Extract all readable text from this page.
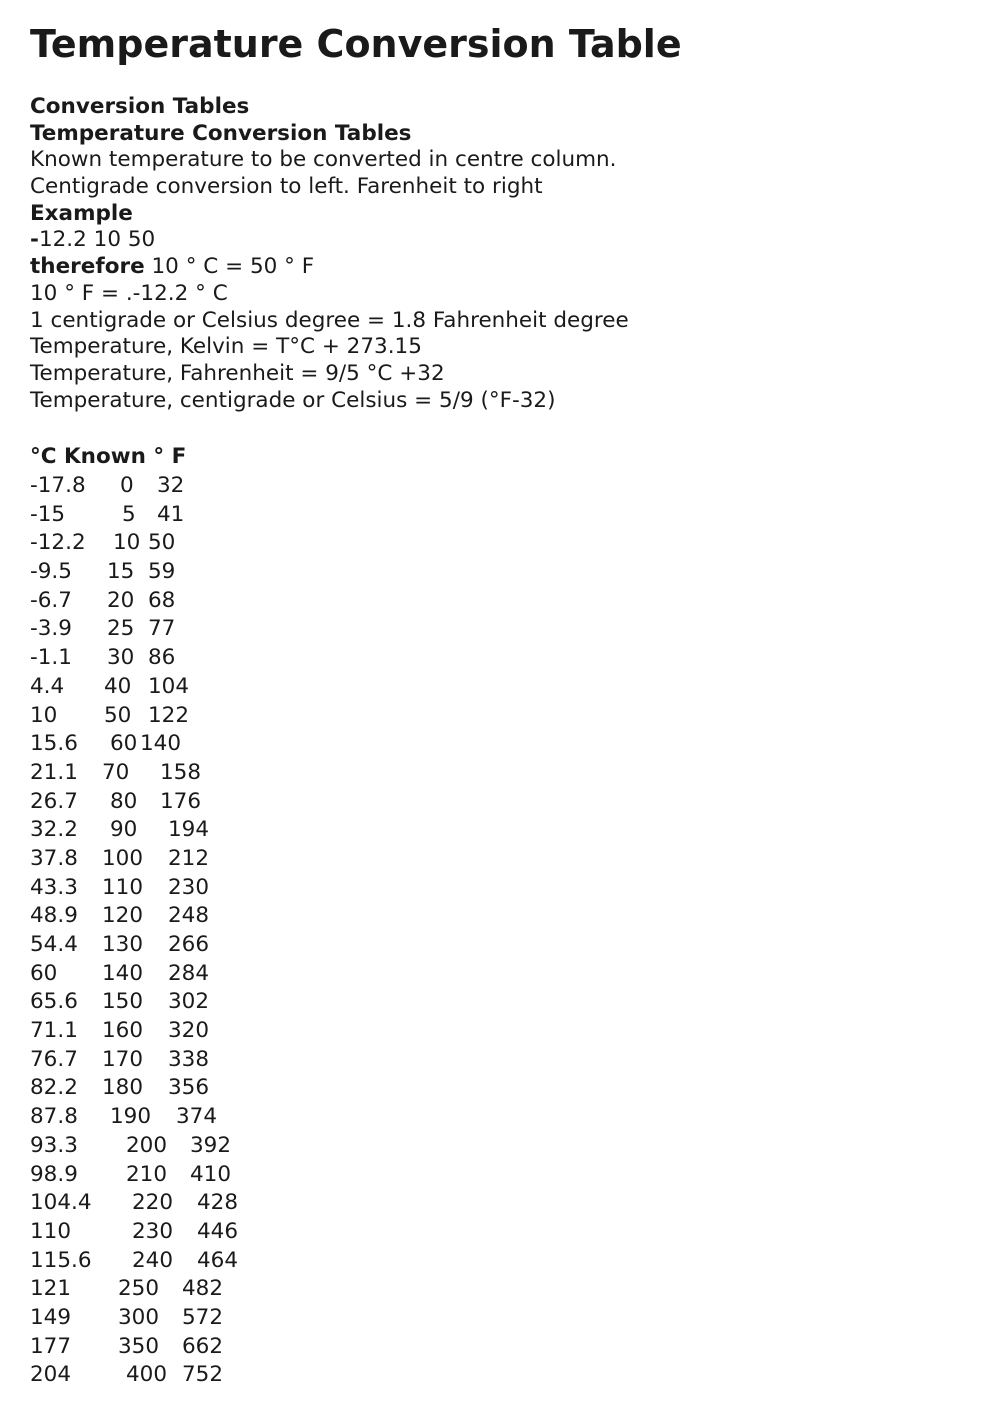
Temperature Conversion Table
Conversion Tables
Temperature Conversion Tables
Known temperature to be converted in centre column.
Centigrade conversion to left. Farenheit to right
Example
-12.2 10 50
therefore 10 ° C = 50 ° F
10 ° F = .-12.2 ° C
1 centigrade or Celsius degree = 1.8 Fahrenheit degree
Temperature, Kelvin = T°C + 273.15
Temperature, Fahrenheit = 9/5 °C +32
Temperature, centigrade or Celsius = 5/9 (°F-32)
°C Known ° F
-17.8 0 32
-15	5 41
-12.2 10 50
-9.5 15 59
-6.7 20 68
-3.9 25 77
-1.1 30 86
4.4 40 104
10 50 122
15.6 60 140
21.1 70 158
26.7 80 176
32.2 90 194
37.8 100 212
43.3 110 230
48.9 120 248
54.4 130 266
60 140 284
65.6 150 302
71.1 160 320
76.7 170 338
82.2 180 356
87.8 190 374
93.3 200 392
98.9 210 410
104.4 220 428
110	230 446
115.6 240 464
121 250 482
149 300 572
177 350 662
204	400 752
